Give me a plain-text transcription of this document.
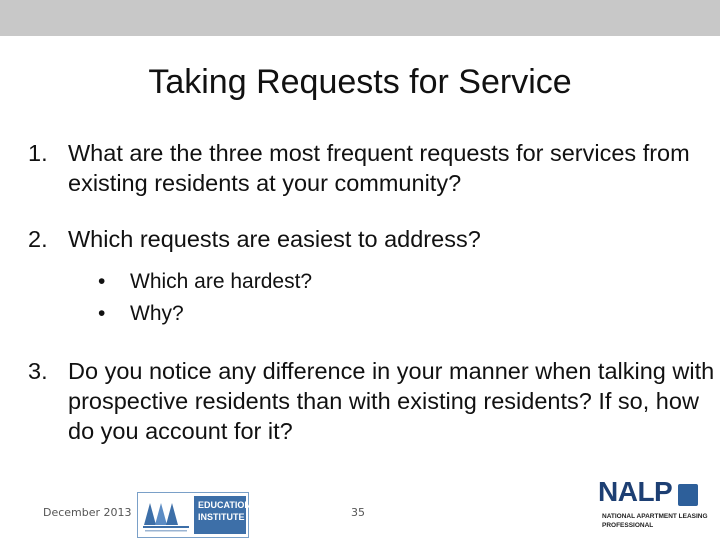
Taking Requests for Service
1. What are the three most frequent requests for services from existing residents at your community?
2. Which requests are easiest to address?
• Which are hardest?
• Why?
3. Do you notice any difference in your manner when talking with prospective residents than with existing residents? If so, how do you account for it?
December 2013
EDUCATION INSTITUTE	35
NALP
NATIONAL APARTMENT LEASING PROFESSIONAL
